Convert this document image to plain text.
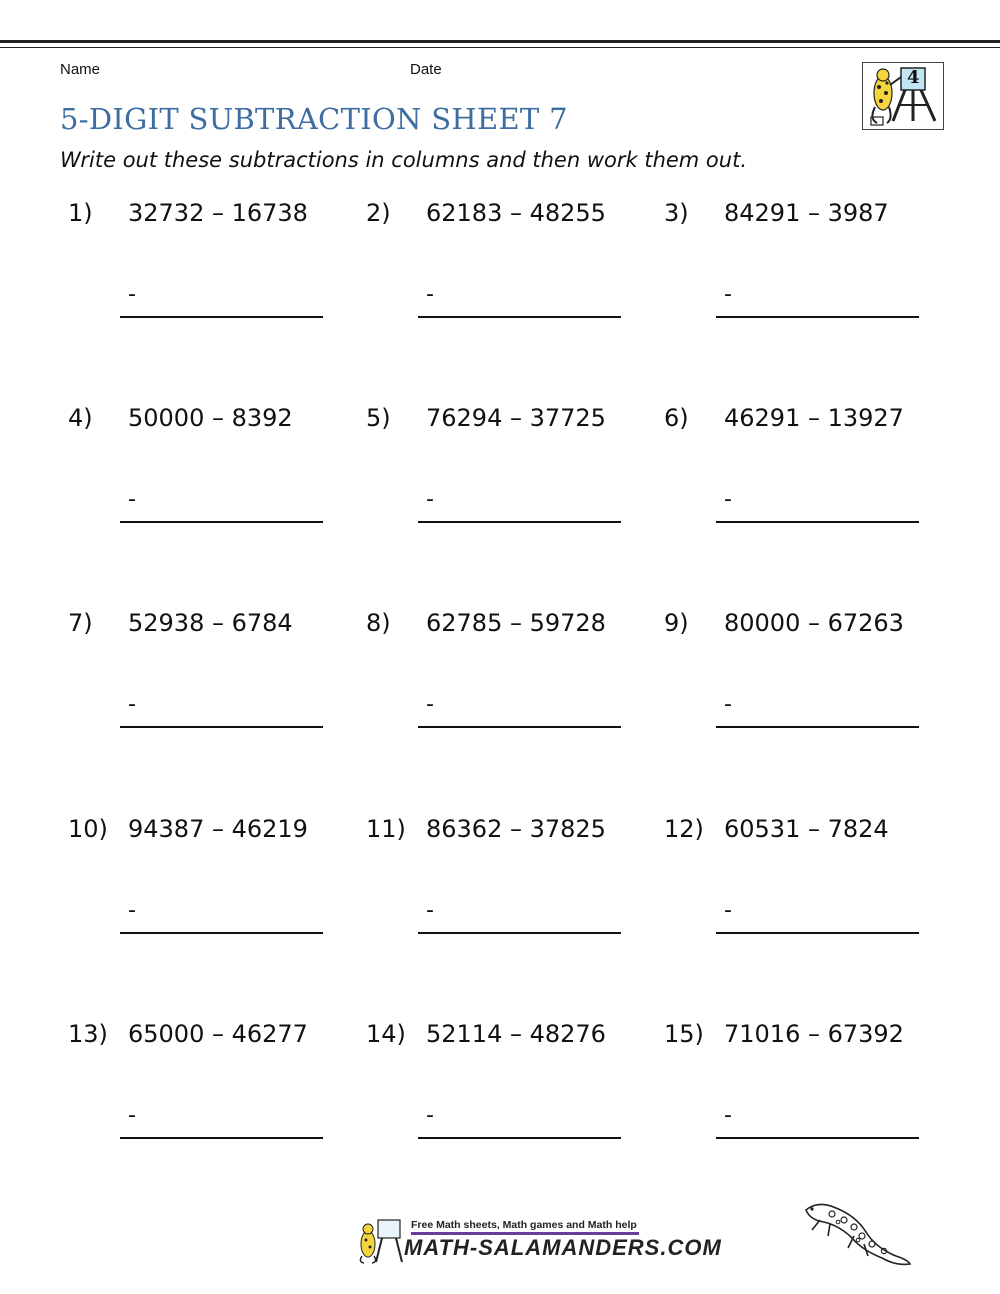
Name	Date
5-DIGIT SUBTRACTION SHEET 7
Write out these subtractions in columns and then work them out.
4
1) 32732 – 16738
-
2) 62183 – 48255
-
3) 84291 – 3987
-
4) 50000 – 8392
-
5) 76294 – 37725
-
6) 46291 – 13927
-
7) 52938 – 6784
-
8) 62785 – 59728
-
9) 80000 – 67263
-
10) 94387 – 46219
-
11) 86362 – 37825
-
12) 60531 – 7824
-
13) 65000 – 46277
-
14) 52114 – 48276
-
15) 71016 – 67392
-
Free Math sheets, Math games and Math help
MATH-SALAMANDERS.COM
